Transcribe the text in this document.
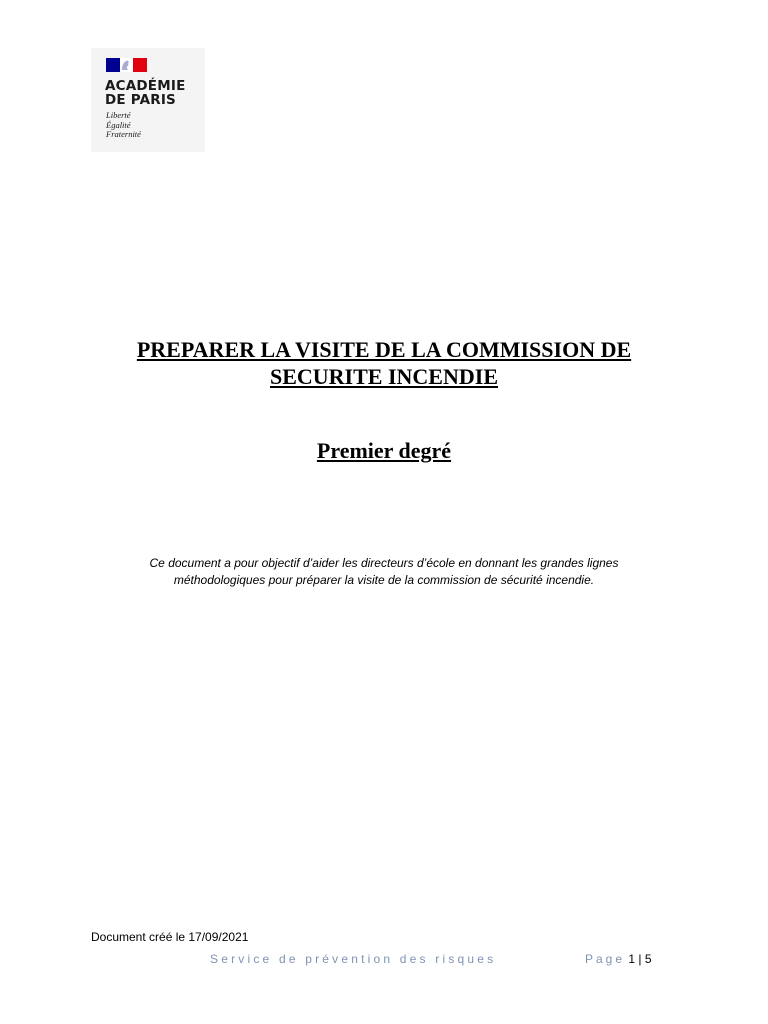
ACADÉMIE
DE PARIS
Liberté
Égalité
Fraternité
PREPARER LA VISITE DE LA COMMISSION DE
SECURITE INCENDIE
Premier degré

Ce document a pour objectif d’aider les directeurs d’école en donnant les grandes lignes
méthodologiques pour préparer la visite de la commission de sécurité incendie.

Document créé le 17/09/2021
Service de prévention des risques	Page 1 | 5
